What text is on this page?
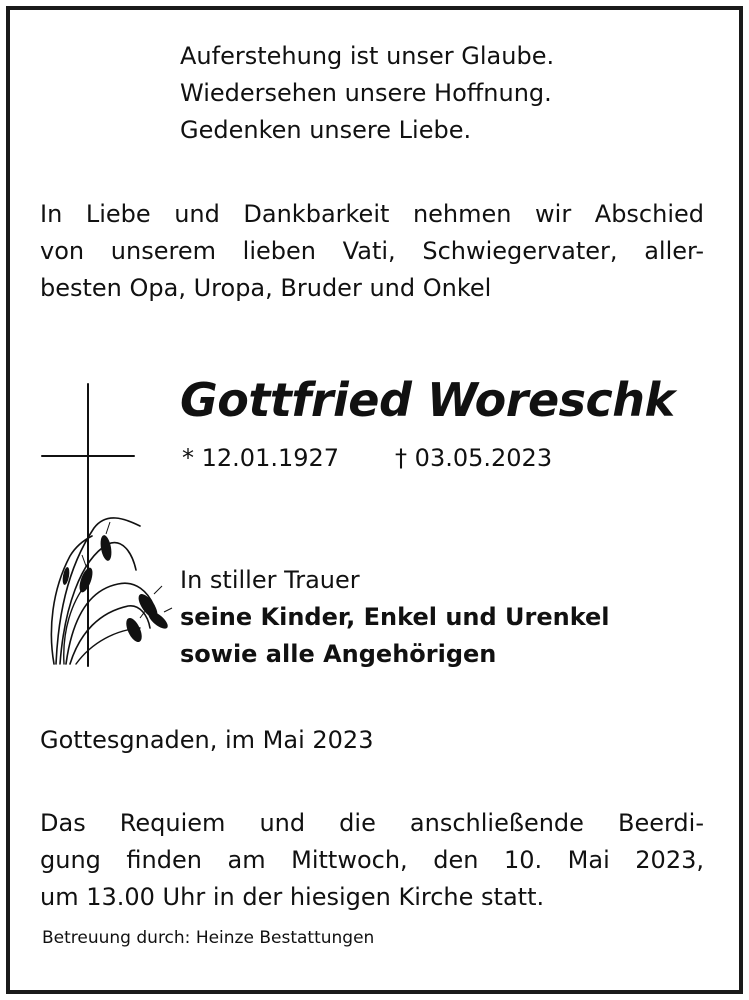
Auferstehung ist unser Glaube.
Wiedersehen unsere Hoffnung.
Gedenken unsere Liebe.
In Liebe und Dankbarkeit nehmen wir Abschied
von unserem lieben Vati, Schwiegervater, aller-
besten Opa, Uropa, Bruder und Onkel
Gottfried Woreschk
* 12.01.1927 † 03.05.2023
In stiller Trauer
seine Kinder, Enkel und Urenkel
sowie alle Angehörigen
Gottesgnaden, im Mai 2023
Das Requiem und die anschließende Beerdi-
gung finden am Mittwoch, den 10. Mai 2023,
um 13.00 Uhr in der hiesigen Kirche statt.

Betreuung durch: Heinze Bestattungen
